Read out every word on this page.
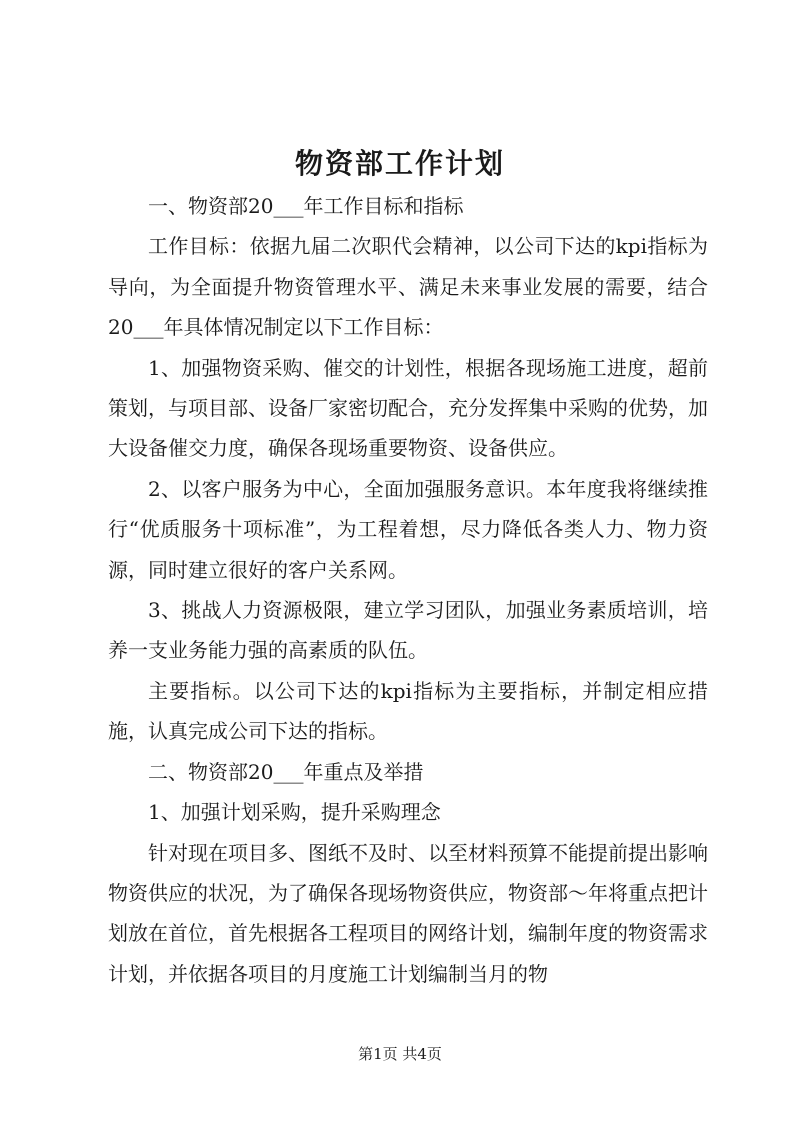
物资部工作计划

一、物资部20___年工作目标和指标

工作目标：依据九届二次职代会精神，以公司下达的kpi指标为导向，为全面提升物资管理水平、满足未来事业发展的需要，结合20___年具体情况制定以下工作目标：

1、加强物资采购、催交的计划性，根据各现场施工进度，超前策划，与项目部、设备厂家密切配合，充分发挥集中采购的优势，加大设备催交力度，确保各现场重要物资、设备供应。

2、以客户服务为中心，全面加强服务意识。本年度我将继续推行“优质服务十项标准”，为工程着想，尽力降低各类人力、物力资源，同时建立很好的客户关系网。

3、挑战人力资源极限，建立学习团队，加强业务素质培训，培养一支业务能力强的高素质的队伍。

主要指标。以公司下达的kpi指标为主要指标，并制定相应措施，认真完成公司下达的指标。

二、物资部20___年重点及举措

1、加强计划采购，提升采购理念

针对现在项目多、图纸不及时、以至材料预算不能提前提出影响物资供应的状况，为了确保各现场物资供应，物资部～年将重点把计划放在首位，首先根据各工程项目的网络计划，编制年度的物资需求计划，并依据各项目的月度施工计划编制当月的物

第1页 共4页
